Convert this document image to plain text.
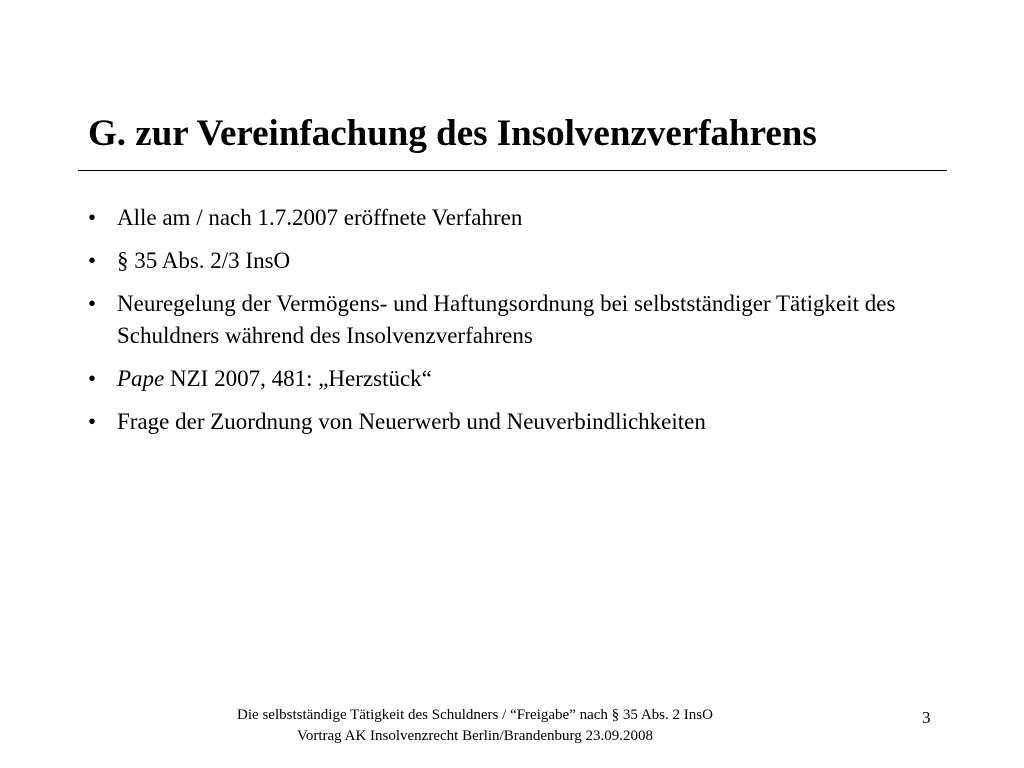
G. zur Vereinfachung des Insolvenzverfahrens
• Alle am / nach 1.7.2007 eröffnete Verfahren
• § 35 Abs. 2/3 InsO
• Neuregelung der Vermögens- und Haftungsordnung bei selbstständiger Tätigkeit des Schuldners während des Insolvenzverfahrens
• Pape NZI 2007, 481: „Herzstück“
• Frage der Zuordnung von Neuerwerb und Neuverbindlichkeiten
Die selbstständige Tätigkeit des Schuldners / “Freigabe” nach § 35 Abs. 2 InsO
Vortrag AK Insolvenzrecht Berlin/Brandenburg 23.09.2008
3
